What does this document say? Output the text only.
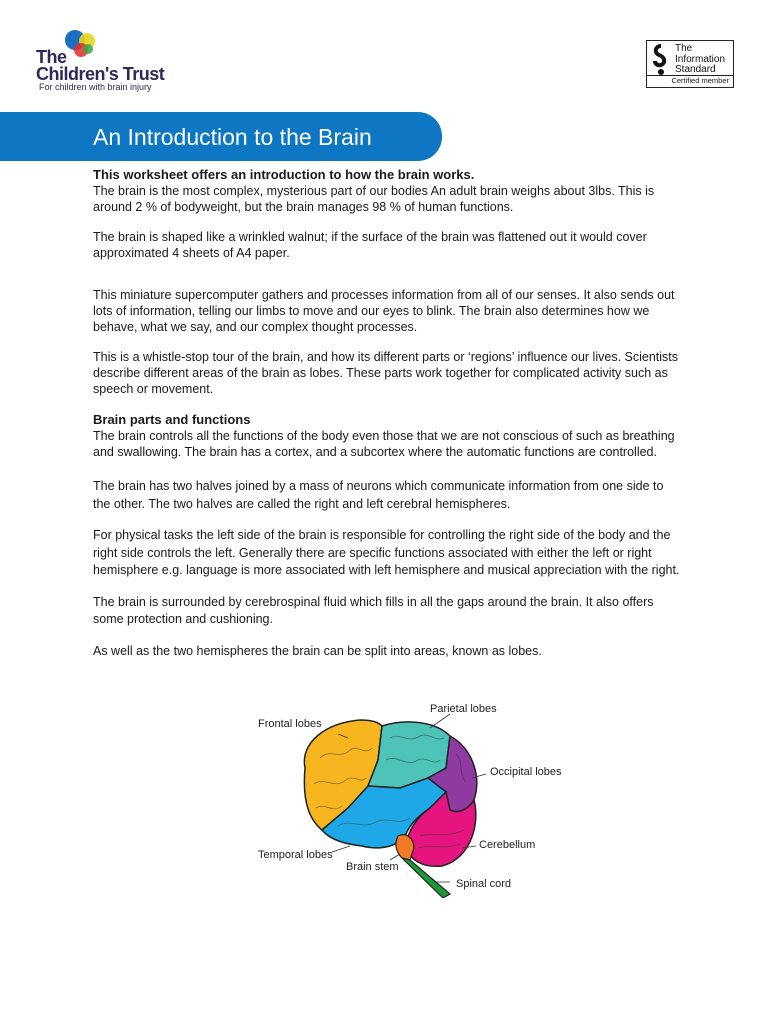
The
Children's Trust
For children with brain injury
The
Information
Standard
Certified member
An Introduction to the Brain
This worksheet offers an introduction to how the brain works.

The brain is the most complex, mysterious part of our bodies An adult brain weighs about 3lbs. This is around 2 % of bodyweight, but the brain manages 98 % of human functions.

The brain is shaped like a wrinkled walnut; if the surface of the brain was flattened out it would cover approximated 4 sheets of A4 paper.

This miniature supercomputer gathers and processes information from all of our senses. It also sends out lots of information, telling our limbs to move and our eyes to blink. The brain also determines how we behave, what we say, and our complex thought processes.

This is a whistle-stop tour of the brain, and how its different parts or ‘regions’ influence our lives. Scientists describe different areas of the brain as lobes. These parts work together for complicated activity such as speech or movement.

Brain parts and functions

The brain controls all the functions of the body even those that we are not conscious of such as breathing and swallowing. The brain has a cortex, and a subcortex where the automatic functions are controlled.

The brain has two halves joined by a mass of neurons which communicate information from one side to the other. The two halves are called the right and left cerebral hemispheres.

For physical tasks the left side of the brain is responsible for controlling the right side of the body and the right side controls the left. Generally there are specific functions associated with either the left or right hemisphere e.g. language is more associated with left hemisphere and musical appreciation with the right.

The brain is surrounded by cerebrospinal fluid which fills in all the gaps around the brain. It also offers some protection and cushioning.

As well as the two hemispheres the brain can be split into areas, known as lobes.

Frontal lobes
Parietal lobes
Occipital lobes
Cerebellum
Temporal lobes
Brain stem
Spinal cord
